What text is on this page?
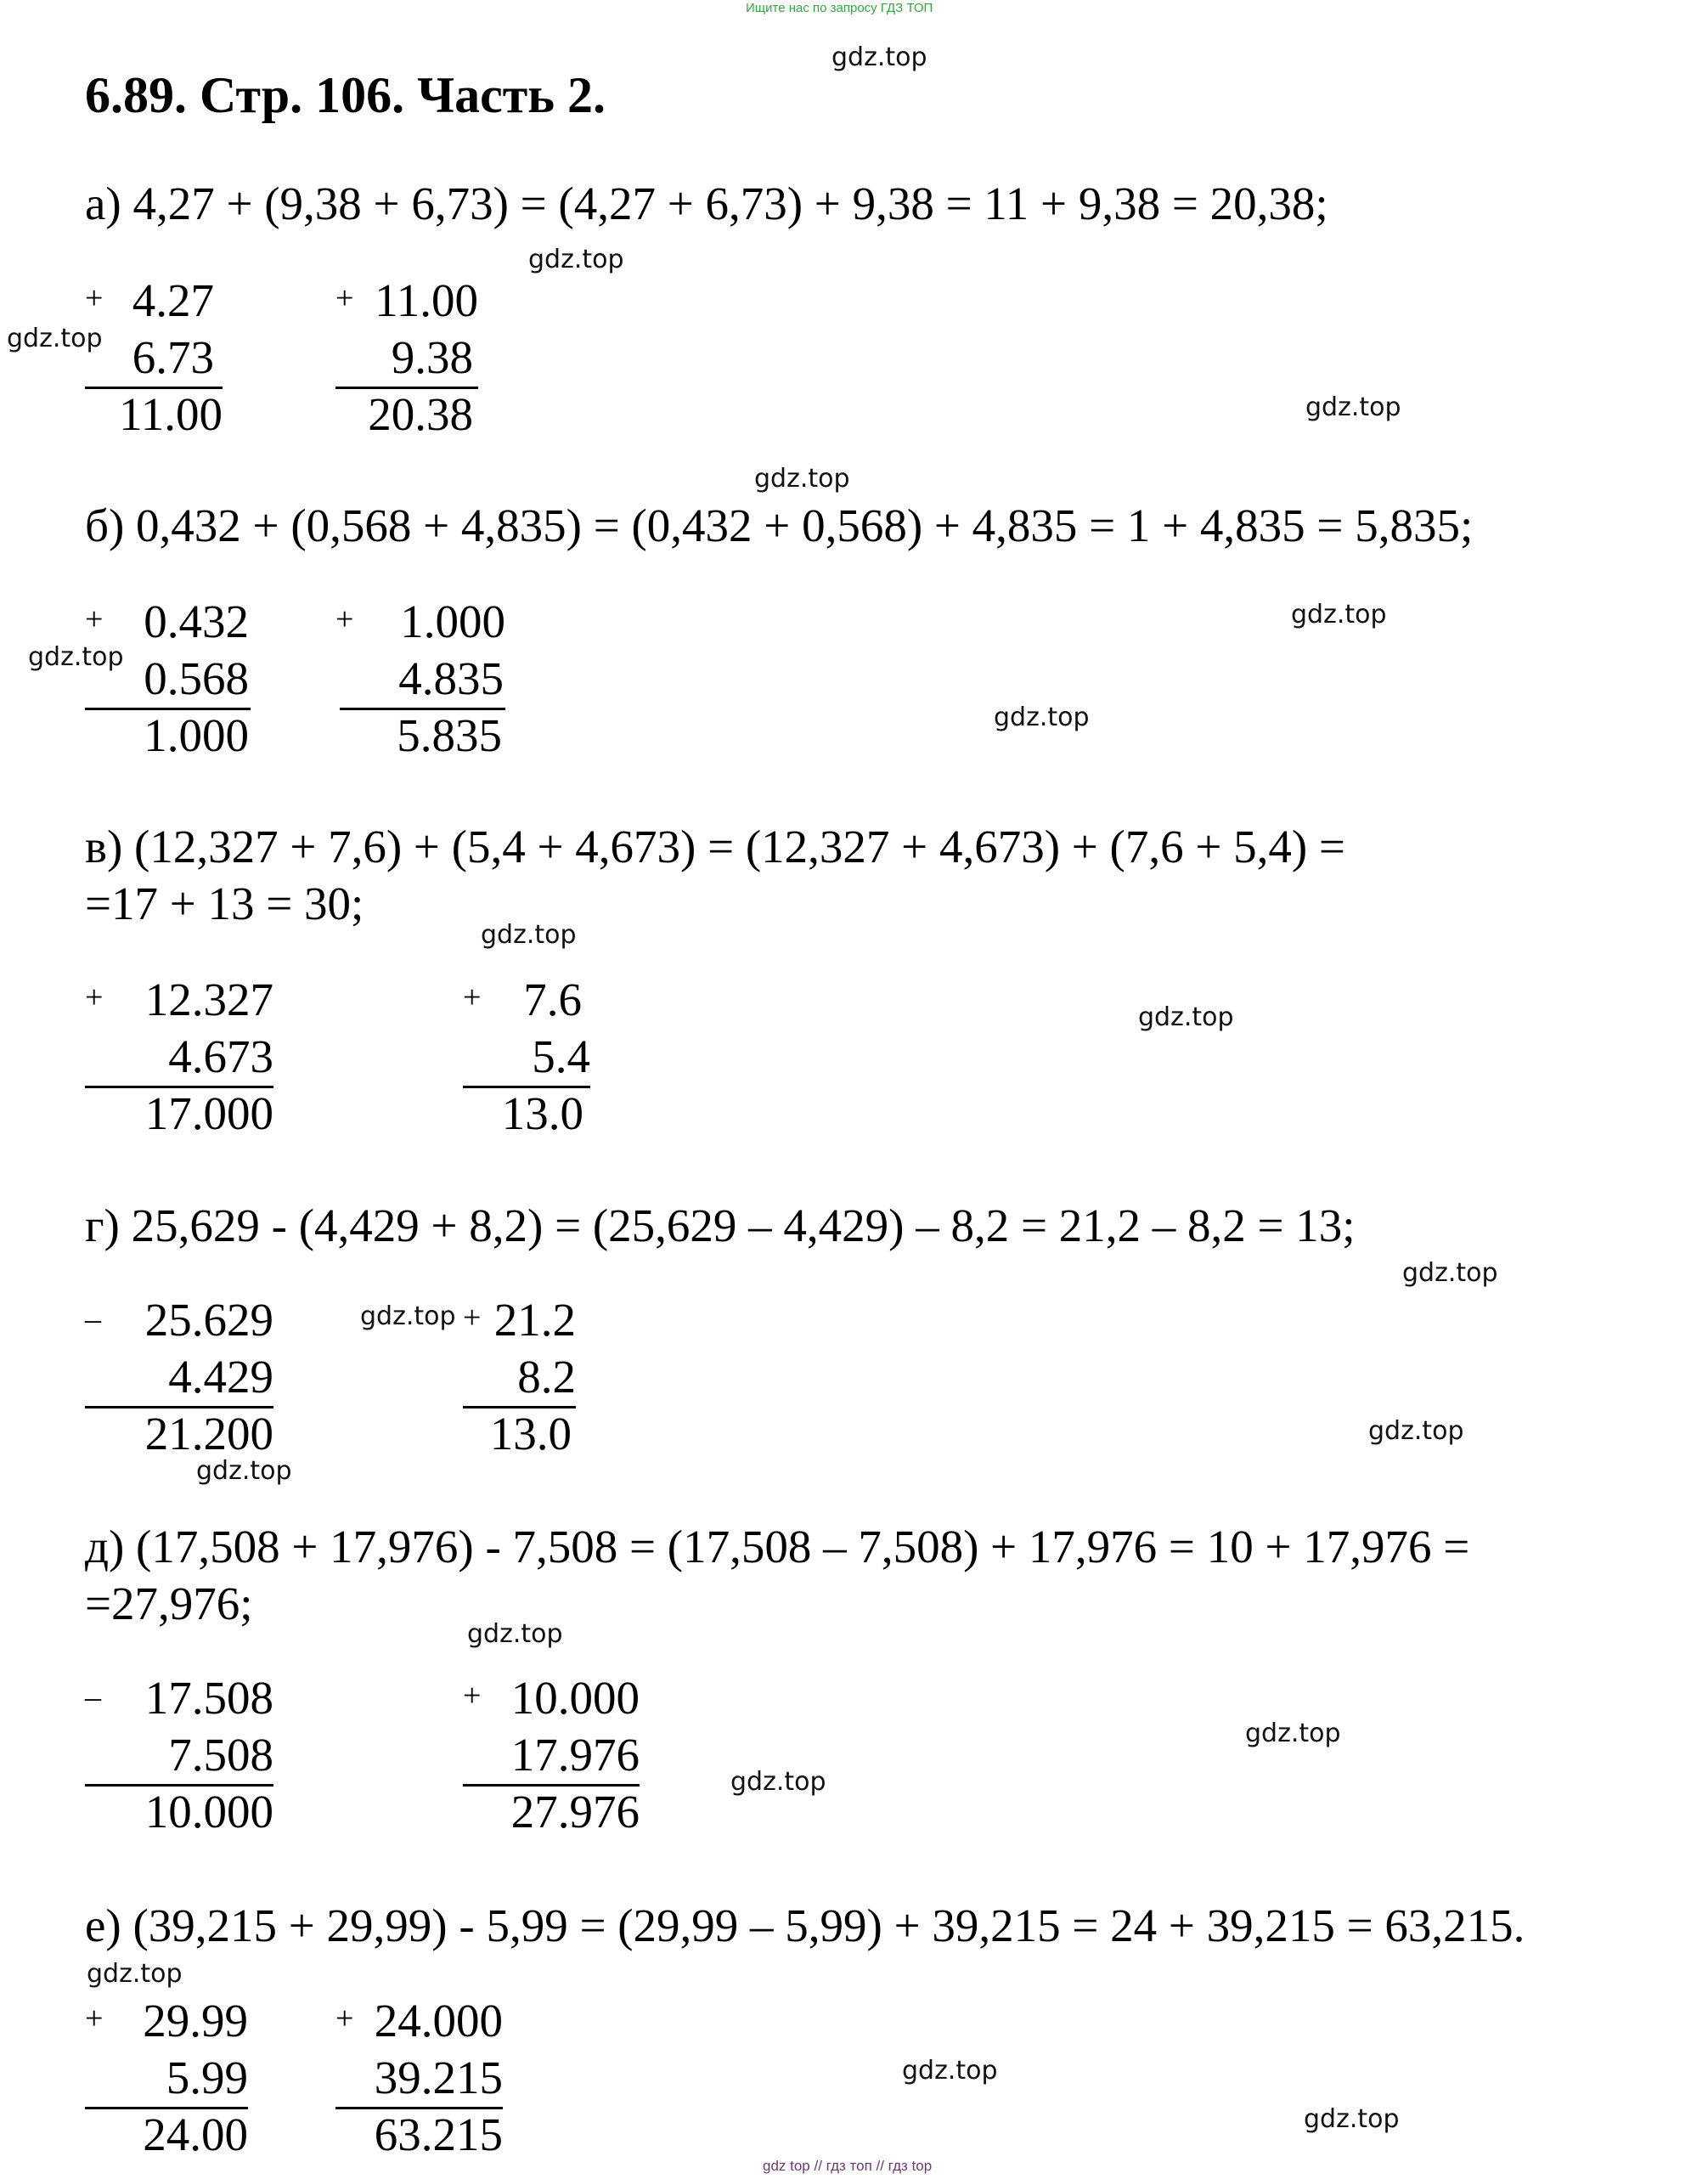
Ищите нас по запросу ГДЗ ТОП
6.89. Стр. 106. Часть 2.
а) 4,27 + (9,38 + 6,73) = (4,27 + 6,73) + 9,38 = 11 + 9,38 = 20,38;
+ 4.27
6.73
11.00
+ 11.00
9.38
20.38
б) 0,432 + (0,568 + 4,835) = (0,432 + 0,568) + 4,835 = 1 + 4,835 = 5,835;
+ 0.432
0.568
1.000
+ 1.000
4.835
5.835
в) (12,327 + 7,6) + (5,4 + 4,673) = (12,327 + 4,673) + (7,6 + 5,4) =
=17 + 13 = 30;
+ 12.327
4.673
17.000
+ 7.6
5.4
13.0
г) 25,629 - (4,429 + 8,2) = (25,629 – 4,429) – 8,2 = 21,2 – 8,2 = 13;
– 25.629
4.429
21.200
+ 21.2
8.2
13.0
д) (17,508 + 17,976) - 7,508 = (17,508 – 7,508) + 17,976 = 10 + 17,976 =
=27,976;
– 17.508
7.508
10.000
+ 10.000
17.976
27.976
е) (39,215 + 29,99) - 5,99 = (29,99 – 5,99) + 39,215 = 24 + 39,215 = 63,215.
+ 29.99
5.99
24.00
+ 24.000
39.215
63.215
gdz.top
gdz.top
gdz.top
gdz.top
gdz.top
gdz.top
gdz.top
gdz.top
gdz.top
gdz.top
gdz.top
gdz.top
gdz.top
gdz.top
gdz.top
gdz.top
gdz.top
gdz.top
gdz.top
gdz.top
gdz top // гдз топ // гдз top
